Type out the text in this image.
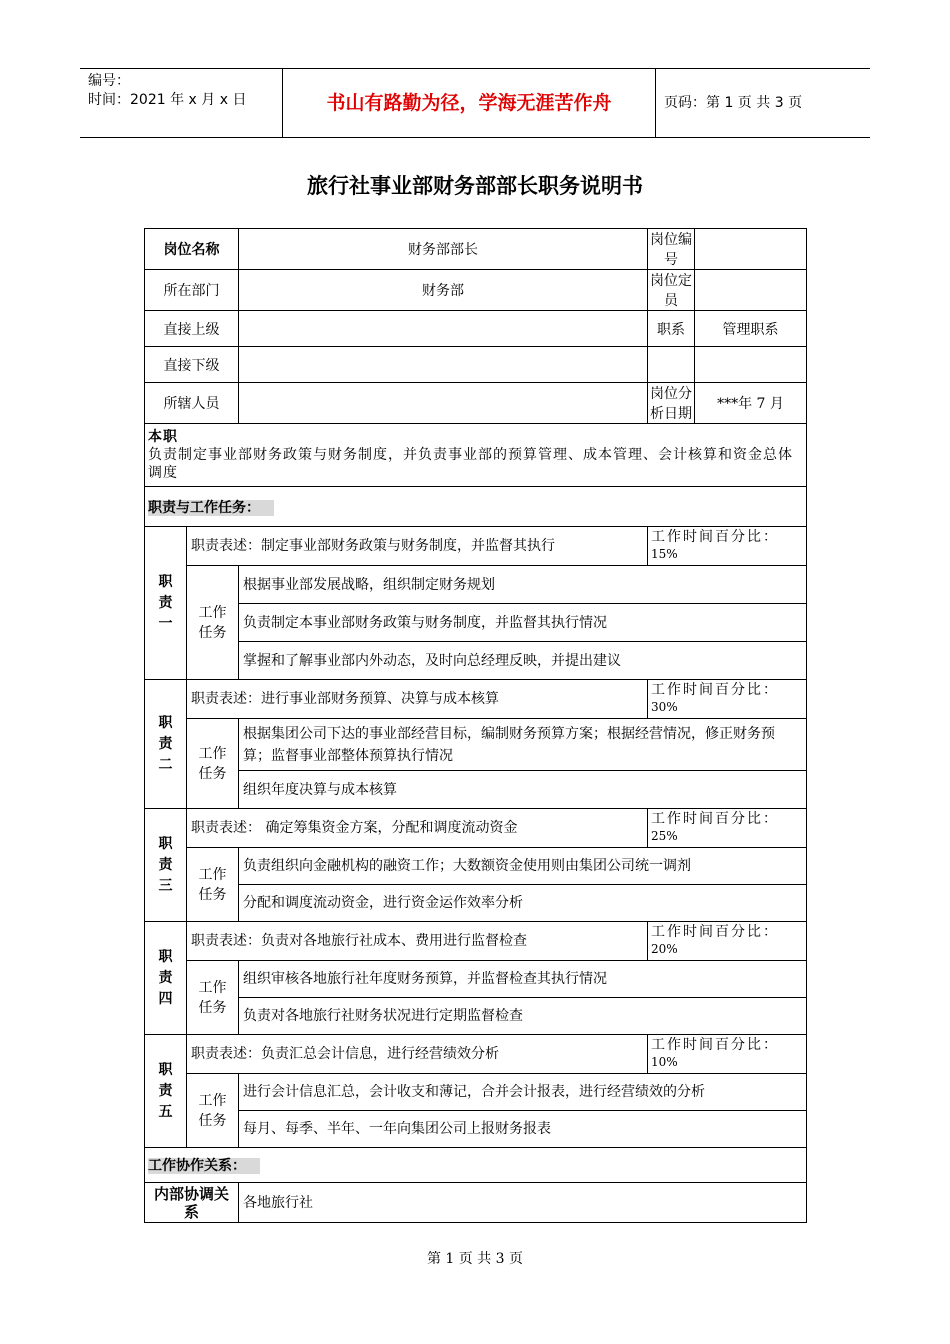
编号：
时间：2021 年 x 月 x 日	书山有路勤为径，学海无涯苦作舟	页码：第 1 页 共 3 页
旅行社事业部财务部部长职务说明书
岗位名称		财务部部长	岗位编号	
所在部门		财务部	岗位定员	
直接上级			职系	管理职系
直接下级				
所辖人员			岗位分析日期	***年 7 月

本职
负责制定事业部财务政策与财务制度，并负责事业部的预算管理、成本管理、会计核算和资金总体调度				

职责与工作任务：				

职责一	职责表述：制定事业部财务政策与财务制度，并监督其执行		工作时间百分比：
15%	

	工作任务	根据事业部发展战略，组织制定财务规划		
		负责制定本事业部财务政策与财务制度，并监督其执行情况		
		掌握和了解事业部内外动态，及时向总经理反映，并提出建议		

职责二	职责表述：进行事业部财务预算、决算与成本核算		工作时间百分比：
30%	

	工作任务	根据集团公司下达的事业部经营目标，编制财务预算方案；根据经营情况，修正财务预算；监督事业部整体预算执行情况		
		组织年度决算与成本核算		

职责三	职责表述： 确定筹集资金方案，分配和调度流动资金		工作时间百分比：
25%	

	工作任务	负责组织向金融机构的融资工作；大数额资金使用则由集团公司统一调剂		
		分配和调度流动资金，进行资金运作效率分析		

职责四	职责表述：负责对各地旅行社成本、费用进行监督检查		工作时间百分比：
20%	

	工作任务	组织审核各地旅行社年度财务预算，并监督检查其执行情况		
		负责对各地旅行社财务状况进行定期监督检查		

职责五	职责表述：负责汇总会计信息，进行经营绩效分析		工作时间百分比：
10%	

	工作任务	进行会计信息汇总，会计收支和薄记，合并会计报表，进行经营绩效的分析		
		每月、每季、半年、一年向集团公司上报财务报表		
工作协作关系：				
内部协调关系		各地旅行社		
第 1 页 共 3 页
